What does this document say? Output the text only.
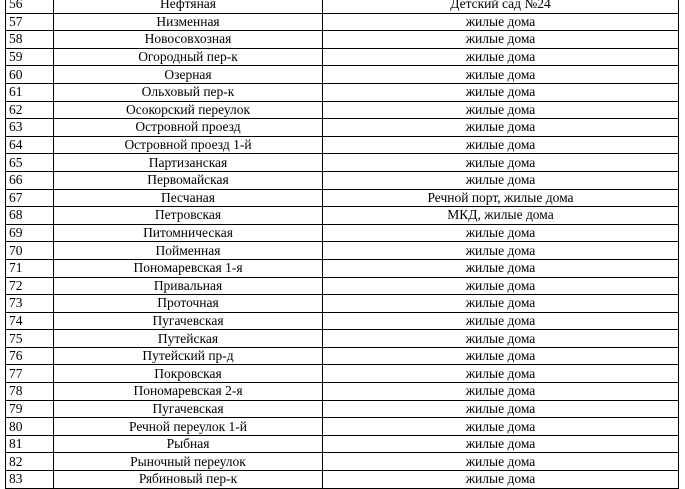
56	Нефтяная	Детский сад №24
57	Низменная	жилые дома
58	Новосовхозная	жилые дома
59	Огородный пер-к	жилые дома
60	Озерная	жилые дома
61	Ольховый пер-к	жилые дома
62	Осокорский переулок	жилые дома
63	Островной проезд	жилые дома
64	Островной проезд 1-й	жилые дома
65	Партизанская	жилые дома
66	Первомайская	жилые дома
67	Песчаная	Речной порт, жилые дома
68	Петровская	МКД, жилые дома
69	Питомническая	жилые дома
70	Пойменная	жилые дома
71	Пономаревская 1-я	жилые дома
72	Привальная	жилые дома
73	Проточная	жилые дома
74	Пугачевская	жилые дома
75	Путейская	жилые дома
76	Путейский пр-д	жилые дома
77	Покровская	жилые дома
78	Пономаревская 2-я	жилые дома
79	Пугачевская	жилые дома
80	Речной переулок 1-й	жилые дома
81	Рыбная	жилые дома
82	Рыночный переулок	жилые дома
83	Рябиновый пер-к	жилые дома
